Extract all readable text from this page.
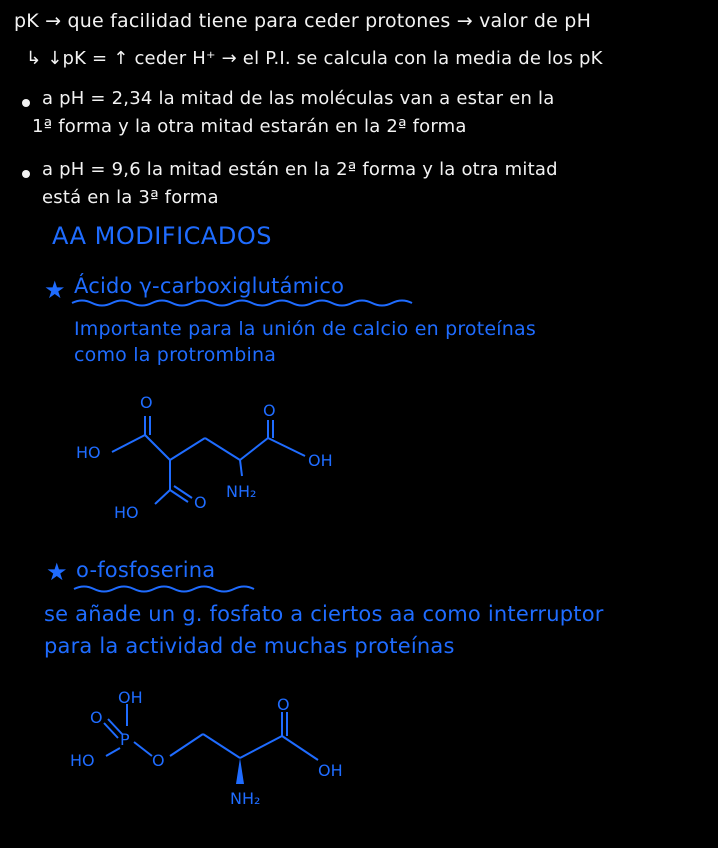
pK → que facilidad tiene para ceder protones → valor de pH
↳ ↓pK = ↑ ceder H⁺ → el P.I. se calcula con la media de los pK
a pH = 2,34 la mitad de las moléculas van a estar en la
1ª forma y la otra mitad estarán en la 2ª forma
a pH = 9,6 la mitad están en la 2ª forma y la otra mitad
está en la 3ª forma
AA MODIFICADOS
★ Ácido γ-carboxiglutámico
Importante para la unión de calcio en proteínas
como la protrombina
HO
O	O
OH
NH₂
HO
O
★ o-fosfoserina
se añade un g. fosfato a ciertos aa como interruptor
para la actividad de muchas proteínas
OH
O
P
HO	O
O
OH
NH₂
